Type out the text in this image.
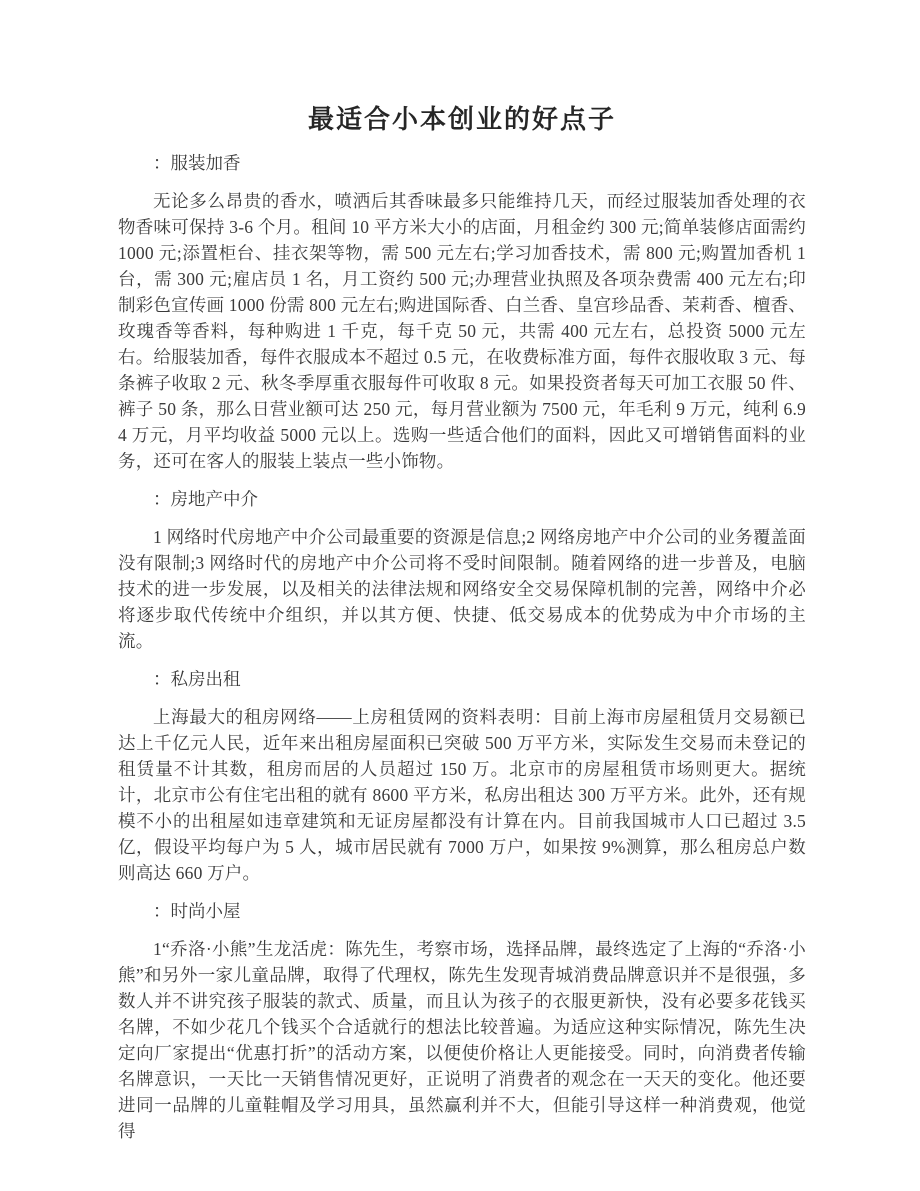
最适合小本创业的好点子

：服装加香

无论多么昂贵的香水，喷洒后其香味最多只能维持几天，而经过服装加香处理的衣物香味可保持 3-6 个月。租间 10 平方米大小的店面，月租金约 300 元;简单装修店面需约 1000 元;添置柜台、挂衣架等物，需 500 元左右;学习加香技术，需 800 元;购置加香机 1 台，需 300 元;雇店员 1 名，月工资约 500 元;办理营业执照及各项杂费需 400 元左右;印制彩色宣传画 1000 份需 800 元左右;购进国际香、白兰香、皇宫珍品香、茉莉香、檀香、玫瑰香等香料，每种购进 1 千克，每千克 50 元，共需 400 元左右，总投资 5000 元左右。给服装加香，每件衣服成本不超过 0.5 元，在收费标准方面，每件衣服收取 3 元、每条裤子收取 2 元、秋冬季厚重衣服每件可收取 8 元。如果投资者每天可加工衣服 50 件、裤子 50 条，那么日营业额可达 250 元，每月营业额为 7500 元，年毛利 9 万元，纯利 6.94 万元，月平均收益 5000 元以上。选购一些适合他们的面料，因此又可增销售面料的业务，还可在客人的服装上装点一些小饰物。

：房地产中介

1 网络时代房地产中介公司最重要的资源是信息;2 网络房地产中介公司的业务覆盖面没有限制;3 网络时代的房地产中介公司将不受时间限制。随着网络的进一步普及，电脑技术的进一步发展，以及相关的法律法规和网络安全交易保障机制的完善，网络中介必将逐步取代传统中介组织，并以其方便、快捷、低交易成本的优势成为中介市场的主流。

：私房出租

上海最大的租房网络——上房租赁网的资料表明：目前上海市房屋租赁月交易额已达上千亿元人民，近年来出租房屋面积已突破 500 万平方米，实际发生交易而未登记的租赁量不计其数，租房而居的人员超过 150 万。北京市的房屋租赁市场则更大。据统计，北京市公有住宅出租的就有 8600 平方米，私房出租达 300 万平方米。此外，还有规模不小的出租屋如违章建筑和无证房屋都没有计算在内。目前我国城市人口已超过 3.5 亿，假设平均每户为 5 人，城市居民就有 7000 万户，如果按 9%测算，那么租房总户数则高达 660 万户。

：时尚小屋

1“乔洛·小熊”生龙活虎：陈先生，考察市场，选择品牌，最终选定了上海的“乔洛·小熊”和另外一家儿童品牌，取得了代理权，陈先生发现青城消费品牌意识并不是很强，多数人并不讲究孩子服装的款式、质量，而且认为孩子的衣服更新快，没有必要多花钱买名牌，不如少花几个钱买个合适就行的想法比较普遍。为适应这种实际情况，陈先生决定向厂家提出“优惠打折”的活动方案，以便使价格让人更能接受。同时，向消费者传输名牌意识，一天比一天销售情况更好，正说明了消费者的观念在一天天的变化。他还要进同一品牌的儿童鞋帽及学习用具，虽然赢利并不大，但能引导这样一种消费观，他觉得
